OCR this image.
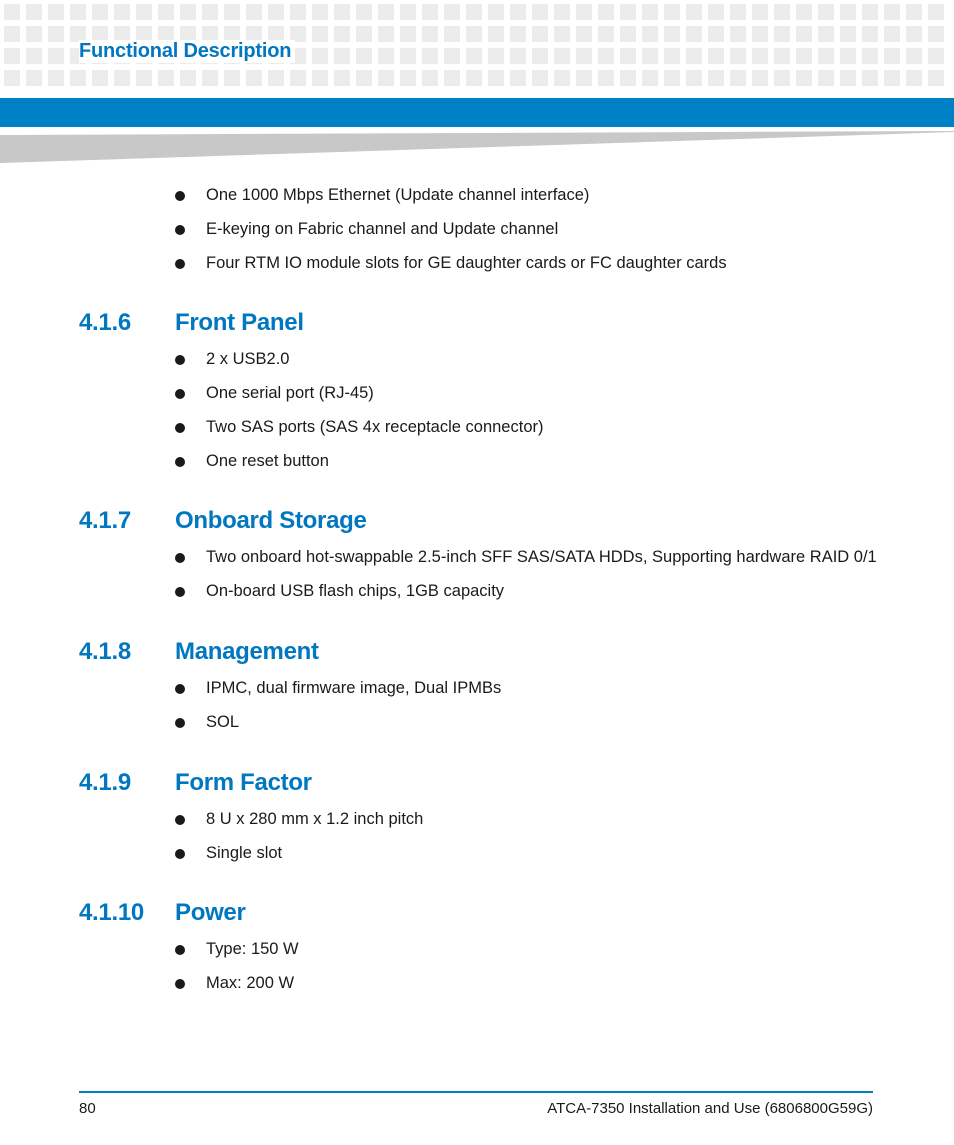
Functional Description
One 1000 Mbps Ethernet (Update channel interface)
E-keying on Fabric channel and Update channel
Four RTM IO module slots for GE daughter cards or FC daughter cards
4.1.6 Front Panel
2 x USB2.0
One serial port (RJ-45)
Two SAS ports (SAS 4x receptacle connector)
One reset button
4.1.7 Onboard Storage
Two onboard hot-swappable 2.5-inch SFF SAS/SATA HDDs, Supporting hardware RAID 0/1
On-board USB flash chips, 1GB capacity
4.1.8 Management
IPMC, dual firmware image, Dual IPMBs
SOL
4.1.9 Form Factor
8 U x 280 mm x 1.2 inch pitch
Single slot
4.1.10 Power
Type: 150 W
Max: 200 W
80	ATCA-7350 Installation and Use (6806800G59G)
